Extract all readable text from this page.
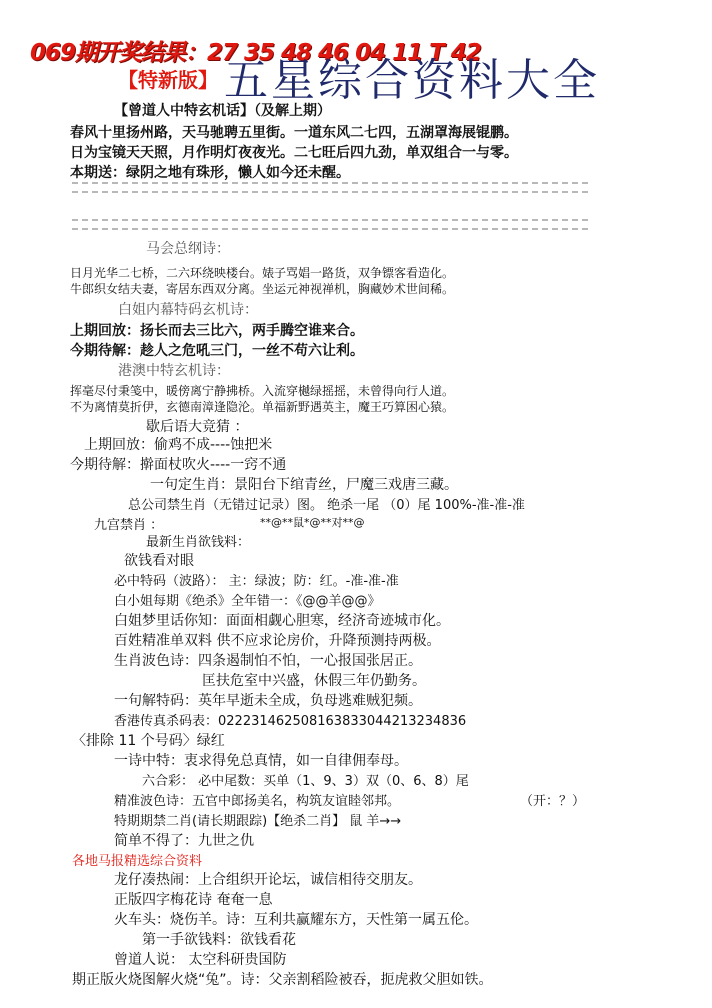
069期开奖结果：27 35 48 46 04 11 T 42
【特新版】 五星综合资料大全
【曾道人中特玄机话】（及解上期）
春风十里扬州路，天马驰聘五里街。一道东风二七四，五湖罩海展锟鹏。
日为宝镜天天照，月作明灯夜夜光。二七旺后四九劲，单双组合一与零。
本期送：绿阴之地有珠形，懒人如今还未醒。
马会总纲诗：
日月光华二七桥，二六环绕映楼台。婊子骂娼一路货，双争镖客看造化。
牛郎织女结夫妻，寄居东西双分离。坐运元神视禅机，胸藏妙术世间稀。
白姐内幕特码玄机诗：
上期回放：扬长而去三比六，两手腾空谁来合。
今期待解：趁人之危吼三门，一丝不苟六让利。
港澳中特玄机诗：
挥毫尽付秉笺中，暖傍离宁静拂桥。入流穿樾绿摇摇，未曾得向行人道。
不为离情莫折伊，玄德南漳逢隐沦。单福新野遇英主，魔王巧算困心猿。
歇后语大竞猜 ：
上期回放：偷鸡不成----蚀把米
今期待解：擀面杖吹火----一窍不通
一句定生肖：景阳台下绾青丝，尸魔三戏唐三藏。
总公司禁生肖（无错过记录）图。 绝杀一尾 （0）尾 100%-准-准-准
九宫禁肖 ：	**@**鼠*@**对**@
最新生肖欲钱料：
欲钱看对眼
必中特码（波路）： 主：绿波；防：红。-准-准-准
白小姐每期《绝杀》全年错一：《@@羊@@》
白姐梦里话你知：面面相觑心胆寒，经济奇迹城市化。
百姓精准单双料 供不应求论房价，升降预测持两极。
生肖波色诗：四条遏制怕不怕，一心报国张居正。
匡扶危室中兴盛，休假三年仍勤务。
一句解特码：英年早逝未全成，负母逃难贼犯频。
香港传真杀码表：02223146250816383304421323483​6
〈排除 11 个号码〉绿红
一诗中特：衷求得免总真情，如一自律佣奉母。
六合彩： 必中尾数：买单（1、9、3）双（0、6、8）尾
精准波色诗：五官中郎扬美名，构筑友谊睦邻邦。	（开：？）
特期期禁二肖(请长期跟踪)【绝杀二肖】 鼠 羊→→
简单不得了：九世之仇
各地马报精选综合资料
龙仔凑热闹：上合组织开论坛，诚信相待交朋友。
正版四字梅花诗 奄奄一息
火车头：烧伤羊。诗：互利共赢耀东方，天性第一属五伦。
第一手欲钱料：欲钱看花
曾道人说： 太空科研贵国防
期正版火烧图解火烧“兔”。诗：父亲割稻险被吞，扼虎救父胆如铁。
